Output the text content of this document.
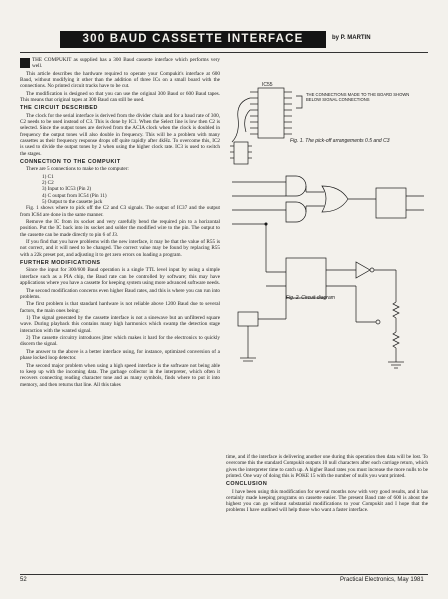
300 BAUD CASSETTE INTERFACE	by P. MARTIN

THE COMPUKIT as supplied has a 300 Baud cassette interface which performs very well.

This article describes the hardware required to operate your Compukit's interface at 600 Baud, without modifying it other than the addition of three ICs on a small board with the connections. No printed circuit tracks have to be cut.

The modification is designed so that you can use the original 300 Baud or 600 Baud tapes. This means that original tapes at 300 Baud can still be used.

THE CIRCUIT DESCRIBED

The clock for the serial interface is derived from the divider chain and for a baud rate of 300, C2 needs to be used instead of C3. This is done by IC1. When the Select line is low then C2 is selected. Since the output tones are derived from the ACIA clock when the clock is doubled in frequency the output tones will also double in frequency. This will be a problem with many cassettes as their frequency response drops off quite rapidly after 4kHz. To overcome this, IC2 is used to divide the output tones by 2 when using the higher clock rate. IC3 is used to switch the stages.

CONNECTION TO THE COMPUKIT

There are 5 connections to make to the computer:

1) C1

2) C2

3) Input to IC53 (Pin 2)

4) C output from IC54 (Pin 11)

5) Output to the cassette jack

Fig. 1 shows where to pick off the C2 and C3 signals. The output of IC37 and the output from IC64 are done in the same manner.

Remove the IC from its socket and very carefully bend the required pin to a horizontal position. Put the IC back into its socket and solder the modified wire to the pin. The output to the cassette can be made directly to pin 6 of J3.

If you find that you have problems with the new interface, it may be that the value of R55 is not correct, and it will need to be changed. The correct value may be found by replacing R55 with a 22k preset pot, and adjusting it to get zero errors on loading a program.

FURTHER MODIFICATIONS

Since the input for 300/600 Baud operation is a single TTL level input by using a simple interface such as a PIA chip, the Baud rate can be controlled by software; this may have applications where you have a cassette for keeping system using more advanced software needs.

The second modification concerns even higher Baud rates, and this is where you can run into problems.

The first problem is that standard hardware is not reliable above 1200 Baud due to several factors, the main ones being:

1) The signal generated by the cassette interface is not a sinewave but an unfiltered square wave. During playback this contains many high harmonics which swamp the detection stage interaction with the wanted signal.

2) The cassette circuitry introduces jitter which makes it hard for the electronics to quickly discern the signal.

The answer to the above is a better interface using, for instance, optimized conversion of a phase locked loop detector.

The second major problem when using a high speed interface is the software not being able to keep up with the incoming data. The garbage collector in the interpreter, which often it recovers connecting reading character tone and as many symbols, finds where to put it into memory, and then returns that line. All this takes

IC55
THE CONNECTIONS MADE TO THE BOARD SHOWN BELOW SIGNAL CONNECTIONS
Fig. 1. The pick-off arrangements 0.5 and C3
Fig. 2. Circuit diagram

time, and if the interface is delivering another one during this operation then data will be lost. To overcome this the standard Compukit outputs 10 null characters after each carriage return, which gives the interpreter time to catch up. A higher Baud rates you must increase the more nulls to be printed. One way of doing this is POKE 15 with the number of nulls you want printed.

CONCLUSION

I have been using this modification for several months now with very good results, and it has certainly made keeping programs on cassette easier. The present Baud rate of 600 is about the highest you can go without substantial modifications to your Compukit and I hope that the problems I have outlined will help those who want a faster interface.

52	Practical Electronics, May 1981
